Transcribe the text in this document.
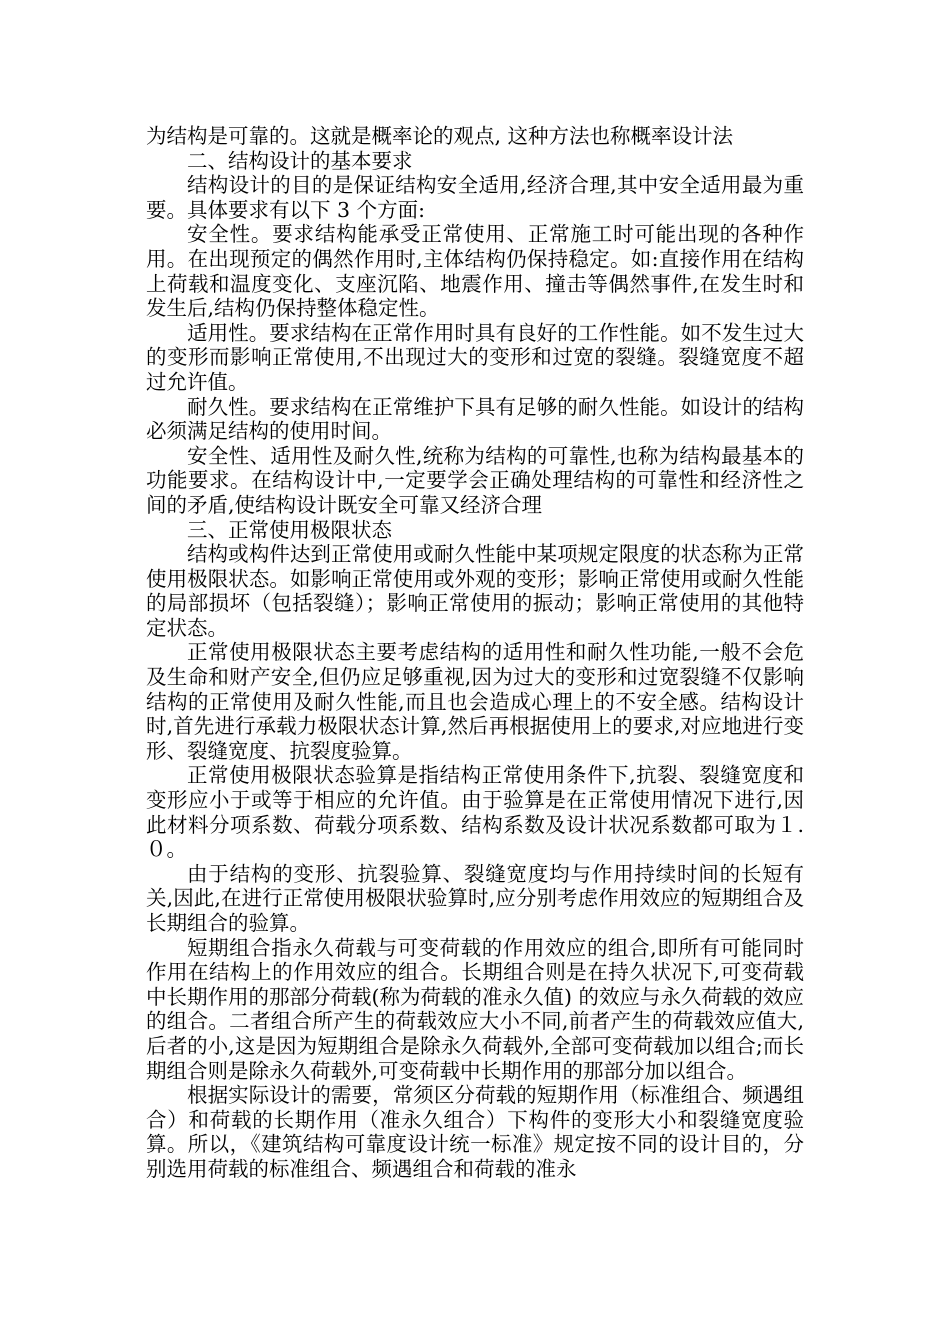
为结构是可靠的。这就是概率论的观点, 这种方法也称概率设计法

二、结构设计的基本要求

结构设计的目的是保证结构安全适用,经济合理,其中安全适用最为重要。具体要求有以下 3 个方面:

安全性。要求结构能承受正常使用、正常施工时可能出现的各种作用。在出现预定的偶然作用时,主体结构仍保持稳定。如:直接作用在结构上荷载和温度变化、支座沉陷、地震作用、撞击等偶然事件,在发生时和发生后,结构仍保持整体稳定性。

适用性。要求结构在正常作用时具有良好的工作性能。如不发生过大的变形而影响正常使用,不出现过大的变形和过宽的裂缝。裂缝宽度不超过允许值。

耐久性。要求结构在正常维护下具有足够的耐久性能。如设计的结构必须满足结构的使用时间。

安全性、适用性及耐久性,统称为结构的可靠性,也称为结构最基本的功能要求。在结构设计中,一定要学会正确处理结构的可靠性和经济性之间的矛盾,使结构设计既安全可靠又经济合理

三、正常使用极限状态

结构或构件达到正常使用或耐久性能中某项规定限度的状态称为正常使用极限状态。如影响正常使用或外观的变形；影响正常使用或耐久性能的局部损坏（包括裂缝）；影响正常使用的振动；影响正常使用的其他特定状态。

正常使用极限状态主要考虑结构的适用性和耐久性功能,一般不会危及生命和财产安全,但仍应足够重视,因为过大的变形和过宽裂缝不仅影响结构的正常使用及耐久性能,而且也会造成心理上的不安全感。结构设计时,首先进行承载力极限状态计算,然后再根据使用上的要求,对应地进行变形、裂缝宽度、抗裂度验算。

正常使用极限状态验算是指结构正常使用条件下,抗裂、裂缝宽度和变形应小于或等于相应的允许值。由于验算是在正常使用情况下进行,因此材料分项系数、荷载分项系数、结构系数及设计状况系数都可取为１.０。

由于结构的变形、抗裂验算、裂缝宽度均与作用持续时间的长短有关,因此,在进行正常使用极限状验算时,应分别考虑作用效应的短期组合及长期组合的验算。

短期组合指永久荷载与可变荷载的作用效应的组合,即所有可能同时作用在结构上的作用效应的组合。长期组合则是在持久状况下,可变荷载中长期作用的那部分荷载(称为荷载的准永久值) 的效应与永久荷载的效应的组合。二者组合所产生的荷载效应大小不同,前者产生的荷载效应值大,后者的小,这是因为短期组合是除永久荷载外,全部可变荷载加以组合;而长期组合则是除永久荷载外,可变荷载中长期作用的那部分加以组合。

根据实际设计的需要，常须区分荷载的短期作用（标准组合、频遇组合）和荷载的长期作用（准永久组合）下构件的变形大小和裂缝宽度验算。所以，《建筑结构可靠度设计统一标准》规定按不同的设计目的，分别选用荷载的标准组合、频遇组合和荷载的准永
